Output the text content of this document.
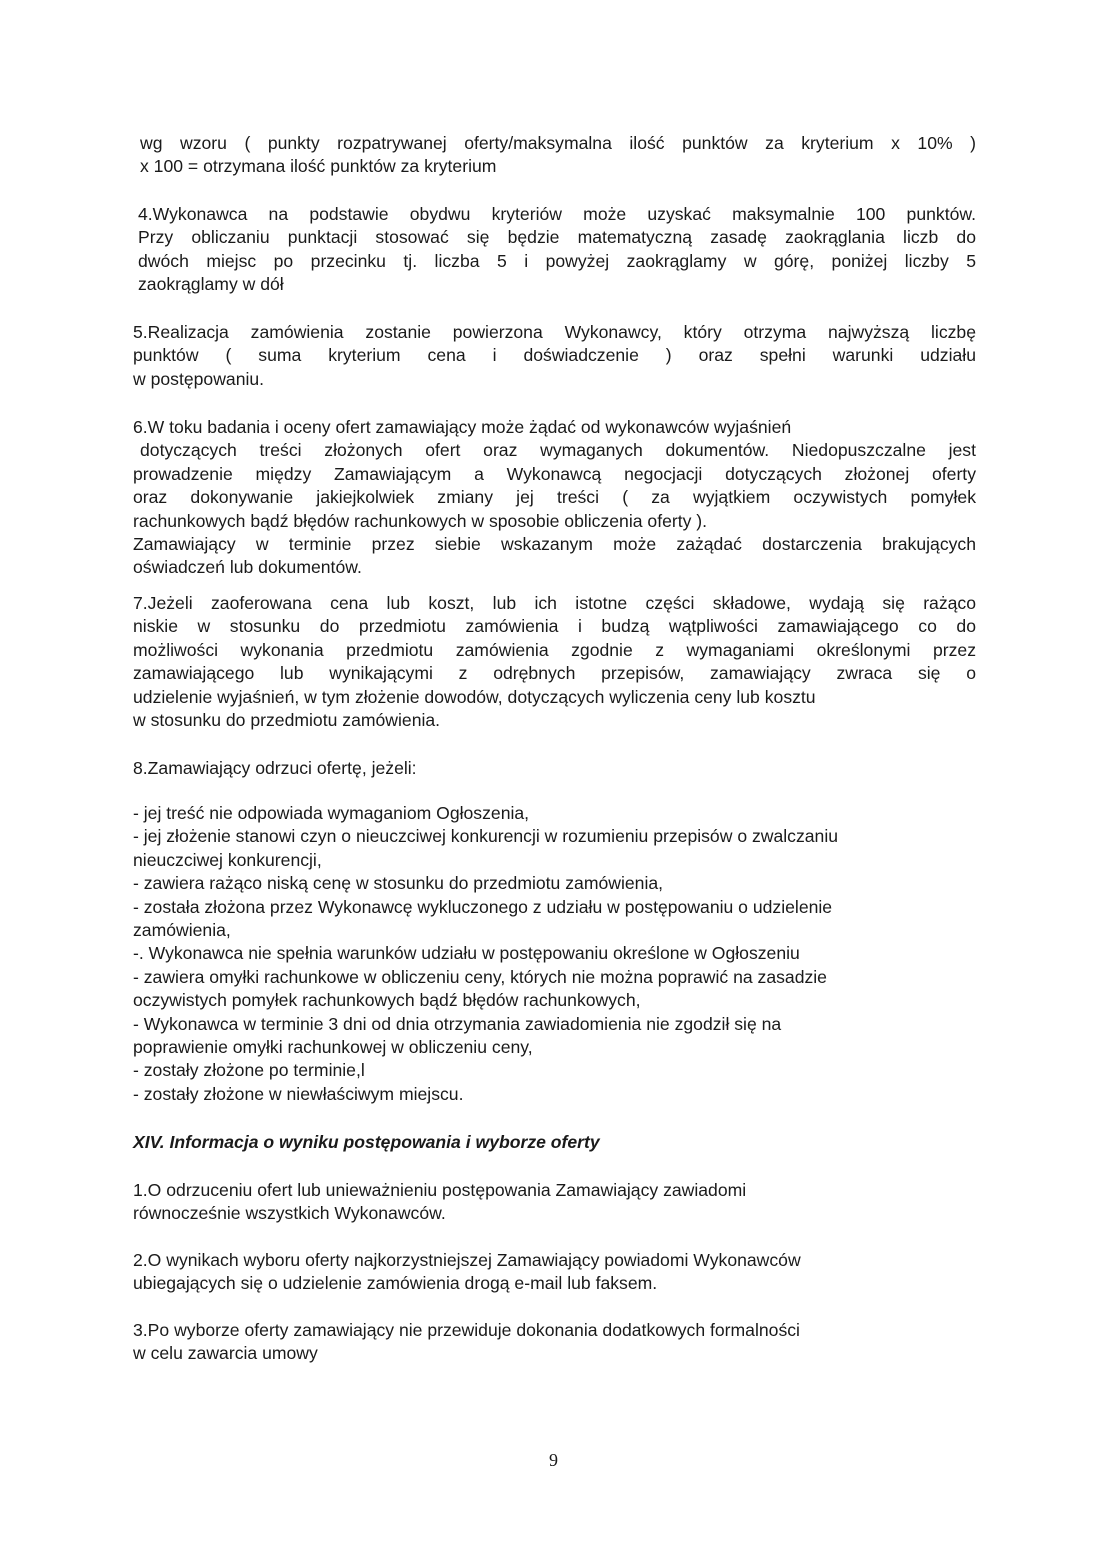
wg wzoru ( punkty rozpatrywanej oferty/maksymalna ilość punktów za kryterium x 10% )
x 100 = otrzymana ilość punktów za kryterium
4.Wykonawca na podstawie obydwu kryteriów może uzyskać maksymalnie 100 punktów.
Przy obliczaniu punktacji stosować się będzie matematyczną zasadę zaokrąglania liczb do
dwóch miejsc po przecinku tj. liczba 5 i powyżej zaokrąglamy w górę, poniżej liczby 5
zaokrąglamy w dół
5.Realizacja zamówienia zostanie powierzona Wykonawcy, który otrzyma najwyższą liczbę
punktów ( suma kryterium cena i doświadczenie ) oraz spełni warunki udziału
w postępowaniu.
6.W toku badania i oceny ofert zamawiający może żądać od wykonawców wyjaśnień
dotyczących treści złożonych ofert oraz wymaganych dokumentów. Niedopuszczalne jest
prowadzenie między Zamawiającym a Wykonawcą negocjacji dotyczących złożonej oferty
oraz dokonywanie jakiejkolwiek zmiany jej treści ( za wyjątkiem oczywistych pomyłek
rachunkowych bądź błędów rachunkowych w sposobie obliczenia oferty ).
Zamawiający w terminie przez siebie wskazanym może zażądać dostarczenia brakujących
oświadczeń lub dokumentów.
7.Jeżeli zaoferowana cena lub koszt, lub ich istotne części składowe, wydają się rażąco
niskie w stosunku do przedmiotu zamówienia i budzą wątpliwości zamawiającego co do
możliwości wykonania przedmiotu zamówienia zgodnie z wymaganiami określonymi przez
zamawiającego lub wynikającymi z odrębnych przepisów, zamawiający zwraca się o
udzielenie wyjaśnień, w tym złożenie dowodów, dotyczących wyliczenia ceny lub kosztu
w stosunku do przedmiotu zamówienia.
8.Zamawiający odrzuci ofertę, jeżeli:
- jej treść nie odpowiada wymaganiom Ogłoszenia,
- jej złożenie stanowi czyn o nieuczciwej konkurencji w rozumieniu przepisów o zwalczaniu
nieuczciwej konkurencji,
- zawiera rażąco niską cenę w stosunku do przedmiotu zamówienia,
- została złożona przez Wykonawcę wykluczonego z udziału w postępowaniu o udzielenie
zamówienia,
-. Wykonawca nie spełnia warunków udziału w postępowaniu określone w Ogłoszeniu
- zawiera omyłki rachunkowe w obliczeniu ceny, których nie można poprawić na zasadzie
oczywistych pomyłek rachunkowych bądź błędów rachunkowych,
- Wykonawca w terminie 3 dni od dnia otrzymania zawiadomienia nie zgodził się na
poprawienie omyłki rachunkowej w obliczeniu ceny,
- zostały złożone po terminie,l
- zostały złożone w niewłaściwym miejscu.
XIV. Informacja o wyniku postępowania i wyborze oferty
1.O odrzuceniu ofert lub unieważnieniu postępowania Zamawiający zawiadomi
równocześnie wszystkich Wykonawców.
2.O wynikach wyboru oferty najkorzystniejszej Zamawiający powiadomi Wykonawców
ubiegających się o udzielenie zamówienia drogą e-mail lub faksem.
3.Po wyborze oferty zamawiający nie przewiduje dokonania dodatkowych formalności
w celu zawarcia umowy
9
